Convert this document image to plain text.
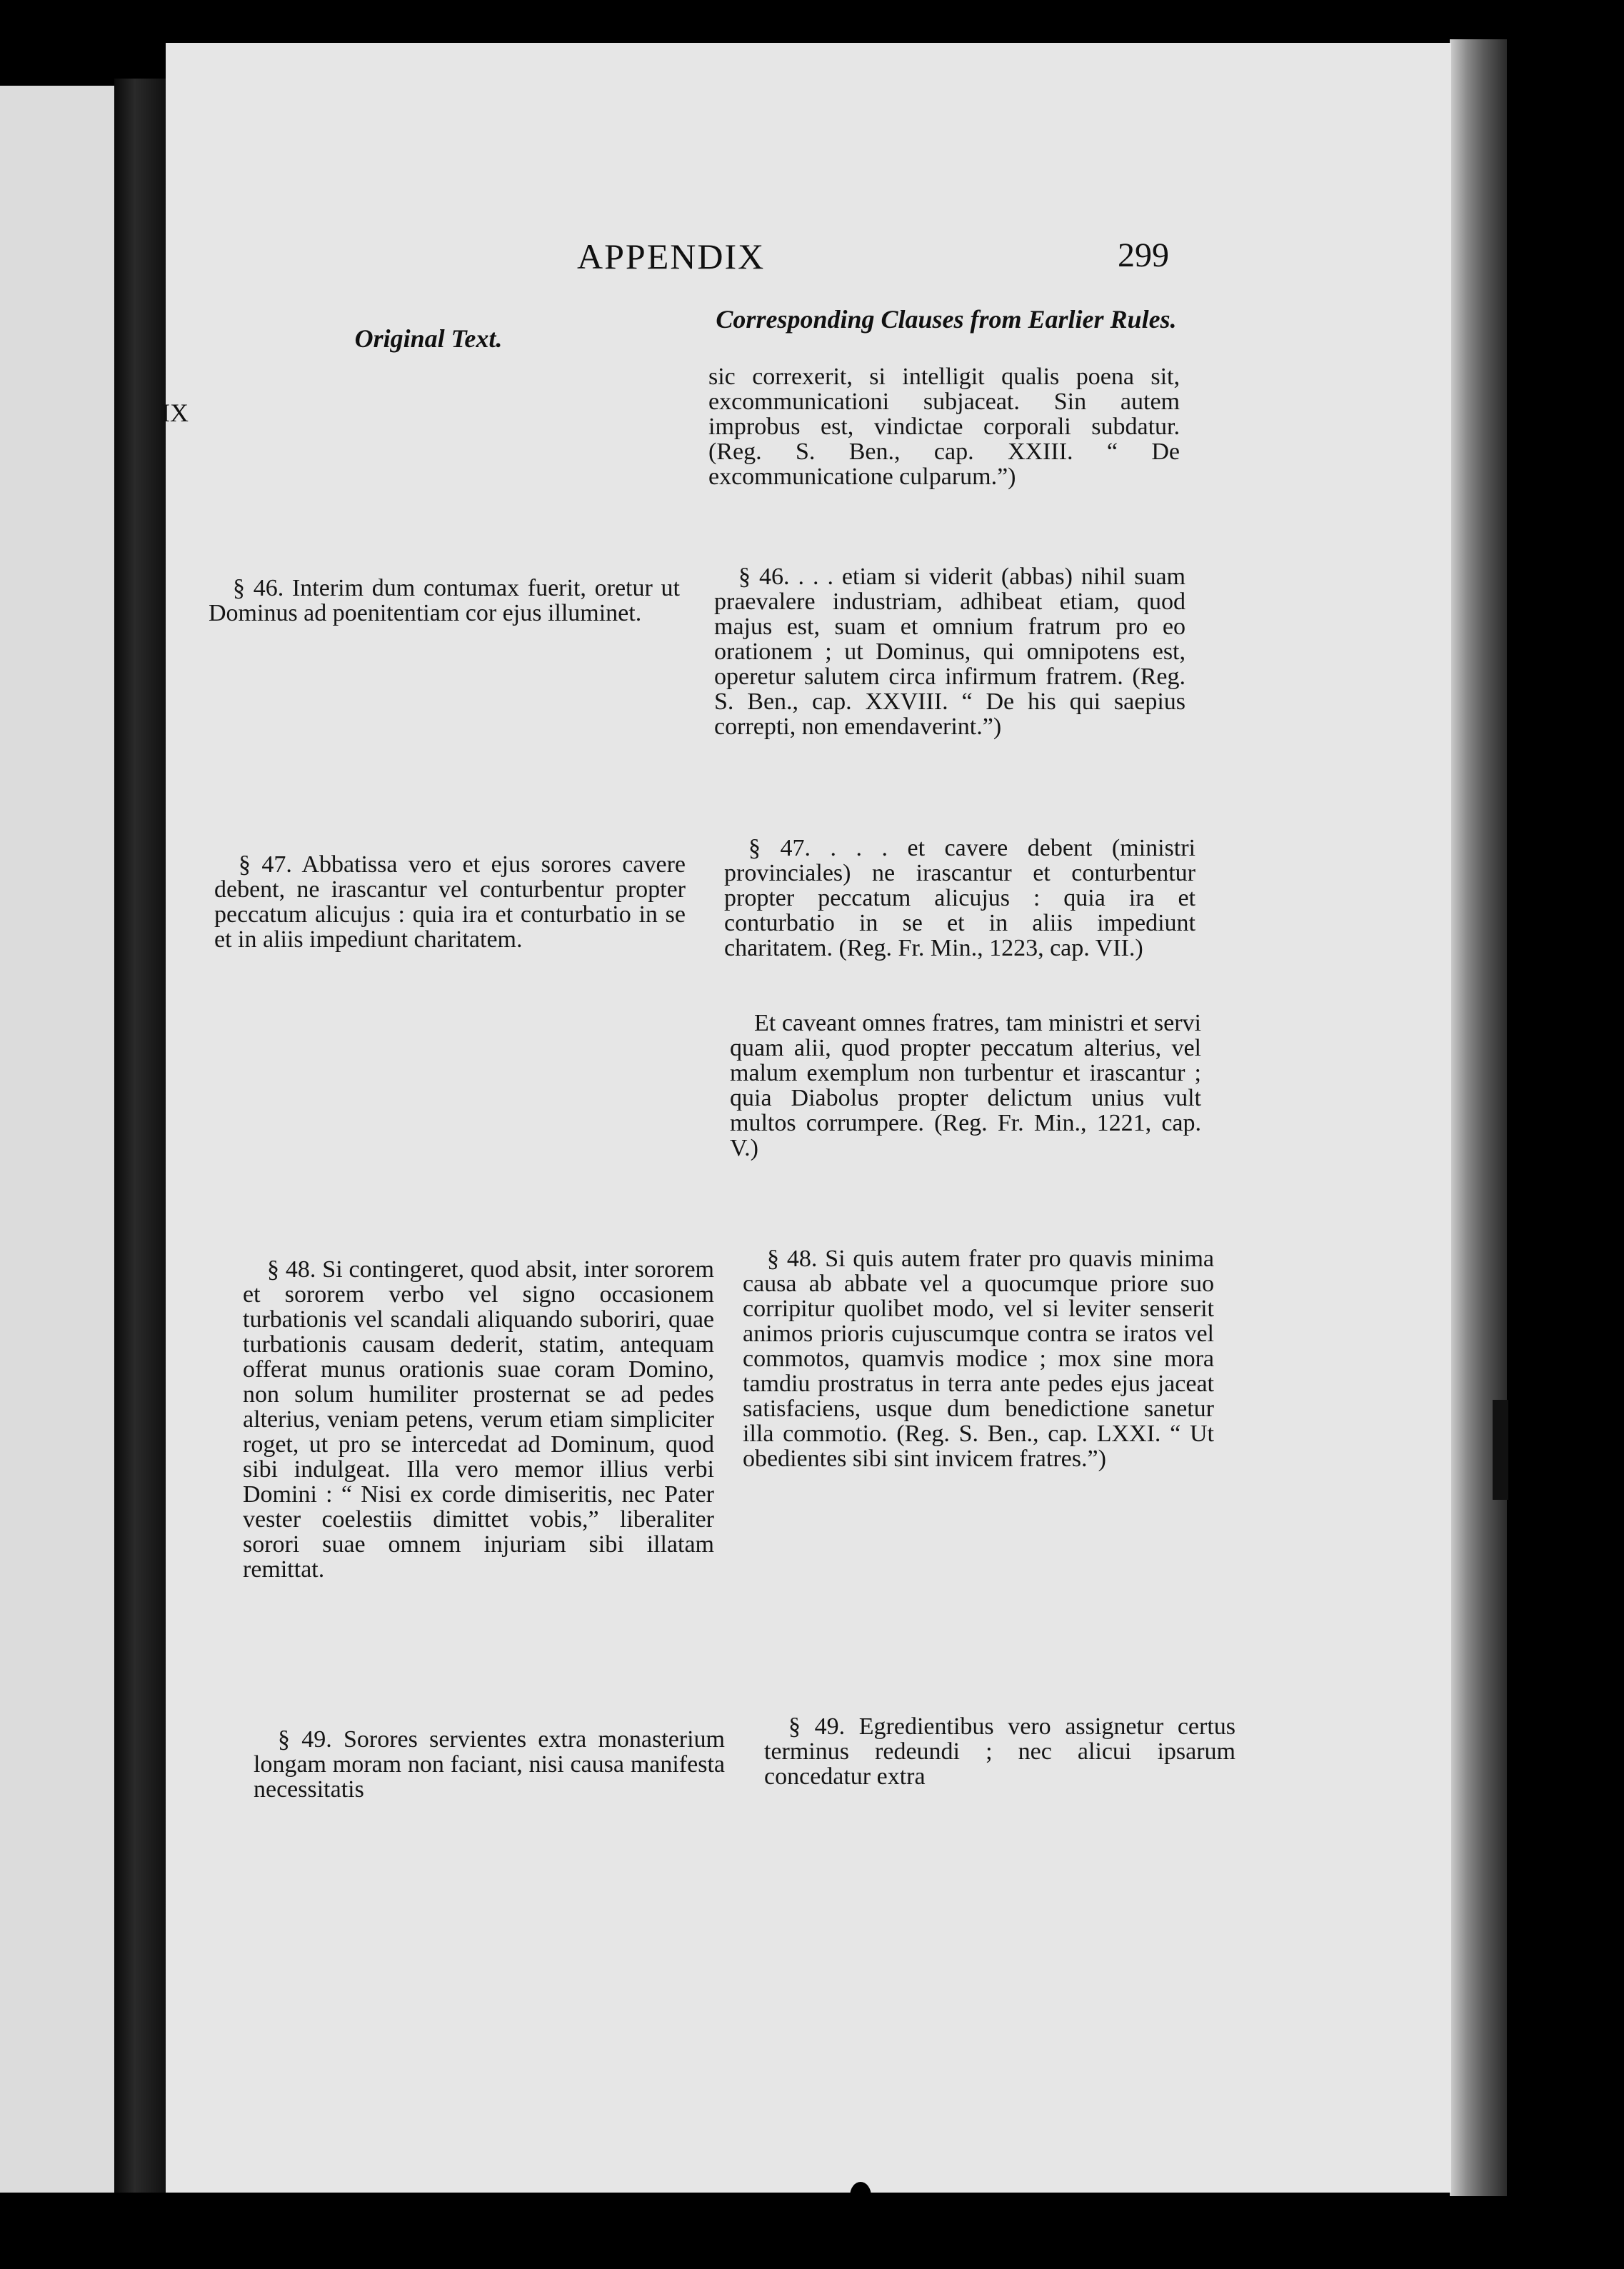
APPENDIX	299
Original Text.
Corresponding Clauses from Earlier Rules.
IX

§ 46. Interim dum contumax fuerit, oretur ut Dominus ad poenitentiam cor ejus illuminet.

§ 47. Abbatissa vero et ejus sorores cavere debent, ne irascantur vel conturbentur propter peccatum alicujus : quia ira et conturbatio in se et in aliis impediunt charitatem.

§ 48. Si contingeret, quod absit, inter sororem et sororem verbo vel signo occasionem turbationis vel scandali aliquando suboriri, quae turbationis causam dederit, statim, antequam offerat munus orationis suae coram Domino, non solum humiliter prosternat se ad pedes alterius, veniam petens, verum etiam simpliciter roget, ut pro se intercedat ad Dominum, quod sibi indulgeat. Illa vero memor illius verbi Domini : “ Nisi ex corde dimiseritis, nec Pater vester coelestiis dimittet vobis,” liberaliter sorori suae omnem injuriam sibi illatam remittat.

§ 49. Sorores servientes extra monasterium longam moram non faciant, nisi causa manifesta necessitatis

sic correxerit, si intelligit qualis poena sit, excommunicationi subjaceat. Sin autem improbus est, vindictae corporali subdatur. (Reg. S. Ben., cap. XXIII. “ De excommunicatione culparum.”)

§ 46. . . . etiam si viderit (abbas) nihil suam praevalere industriam, adhibeat etiam, quod majus est, suam et omnium fratrum pro eo orationem ; ut Dominus, qui omnipotens est, operetur salutem circa infirmum fratrem. (Reg. S. Ben., cap. XXVIII. “ De his qui saepius correpti, non emendaverint.”)

§ 47. . . . et cavere debent (ministri provinciales) ne irascantur et conturbentur propter peccatum alicujus : quia ira et conturbatio in se et in aliis impediunt charitatem. (Reg. Fr. Min., 1223, cap. VII.)

Et caveant omnes fratres, tam ministri et servi quam alii, quod propter peccatum alterius, vel malum exemplum non turbentur et irascantur ; quia Diabolus propter delictum unius vult multos corrumpere. (Reg. Fr. Min., 1221, cap. V.)

§ 48. Si quis autem frater pro quavis minima causa ab abbate vel a quocumque priore suo corripitur quolibet modo, vel si leviter senserit animos prioris cujuscumque contra se iratos vel commotos, quamvis modice ; mox sine mora tamdiu prostratus in terra ante pedes ejus jaceat satisfaciens, usque dum benedictione sanetur illa commotio. (Reg. S. Ben., cap. LXXI. “ Ut obedientes sibi sint invicem fratres.”)

§ 49. Egredientibus vero assignetur certus terminus redeundi ; nec alicui ipsarum concedatur extra
